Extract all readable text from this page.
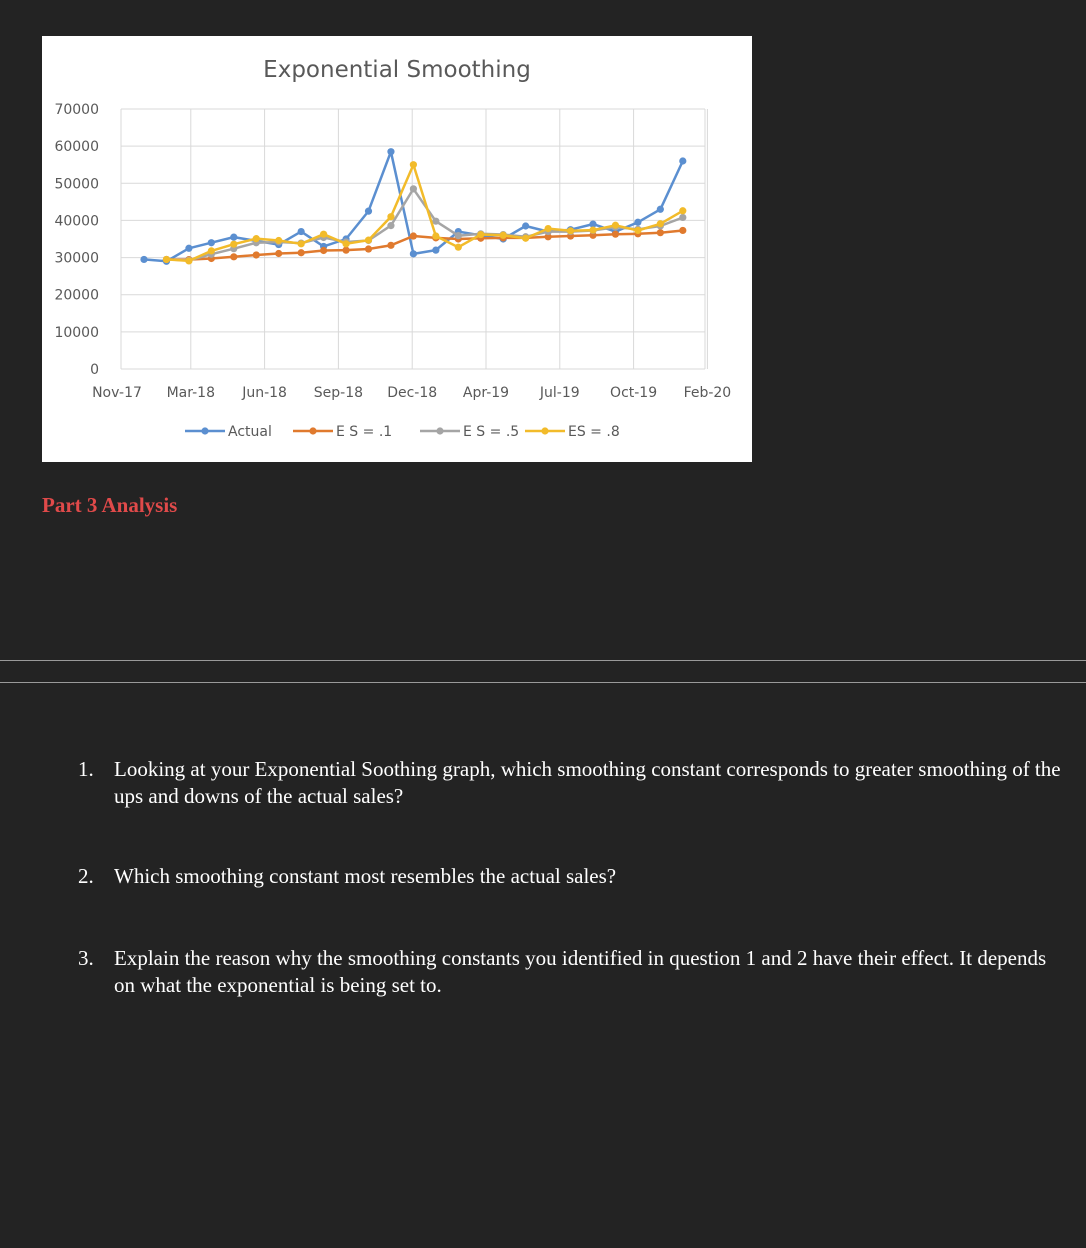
Exponential Smoothing
70000
60000
50000
40000
30000
20000
10000
0
Nov-17 Mar-18 Jun-18 Sep-18 Dec-18 Apr-19 Jul-19 Oct-19 Feb-20
Actual	E S = .1	E S = .5	ES = .8
Part 3 Analysis
1. Looking at your Exponential Soothing graph, which smoothing constant corresponds to greater smoothing of the ups and downs of the actual sales?
2. Which smoothing constant most resembles the actual sales?
3. Explain the reason why the smoothing constants you identified in question 1 and 2 have their effect. It depends on what the exponential is being set to.
